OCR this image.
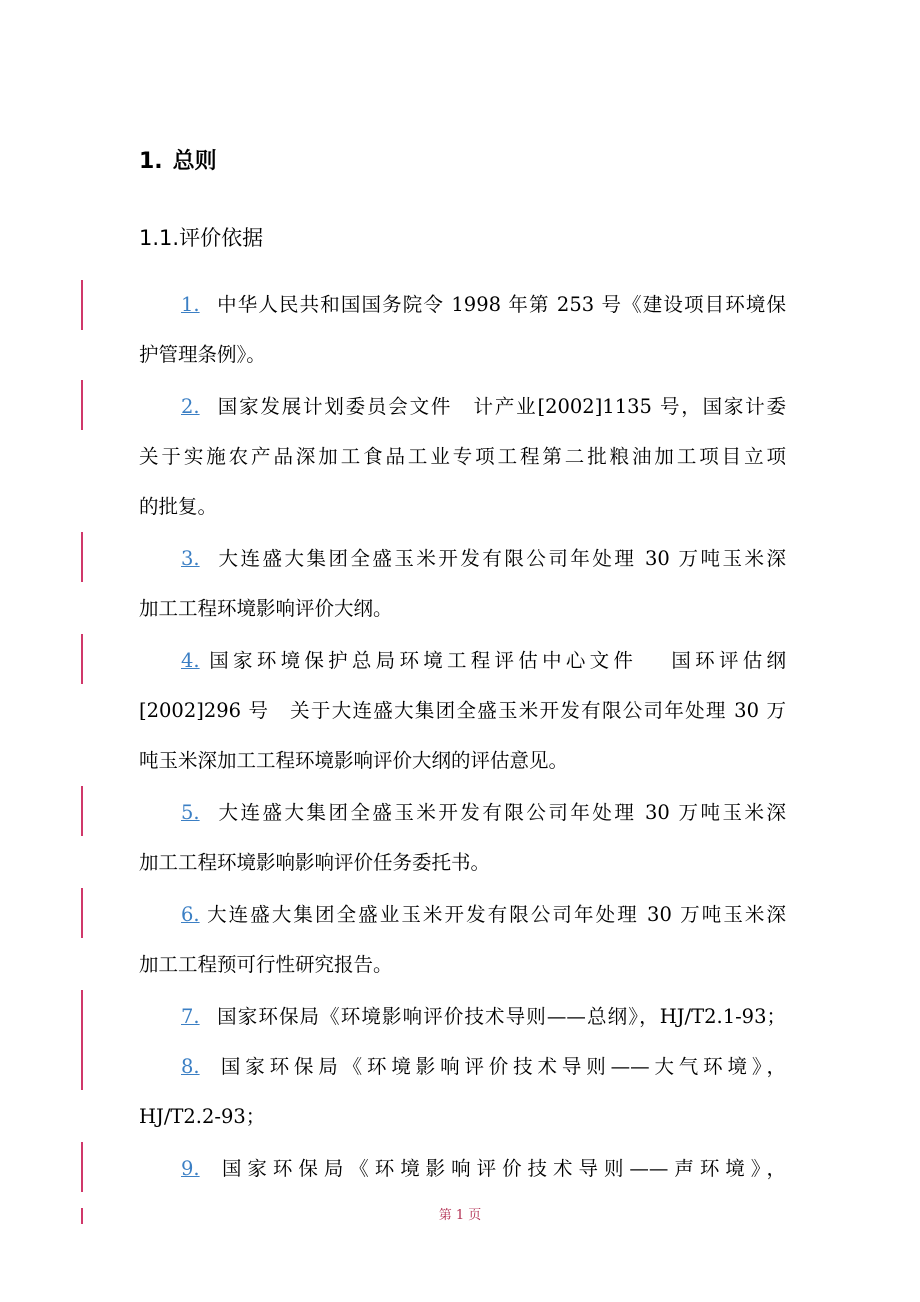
1. 总则
1.1.评价依据
1. 中华人民共和国国务院令 1998 年第 253 号《建设项目环境保
护管理条例》。
2. 国家发展计划委员会文件　计产业[2002]1135 号，国家计委
关于实施农产品深加工食品工业专项工程第二批粮油加工项目立项
的批复。
3. 大连盛大集团全盛玉米开发有限公司年处理 30 万吨玉米深
加工工程环境影响评价大纲。
4. 国家环境保护总局环境工程评估中心文件　 国环评估纲
[2002]296 号　关于大连盛大集团全盛玉米开发有限公司年处理 30 万
吨玉米深加工工程环境影响评价大纲的评估意见。
5. 大连盛大集团全盛玉米开发有限公司年处理 30 万吨玉米深
加工工程环境影响影响评价任务委托书。
6. 大连盛大集团全盛业玉米开发有限公司年处理 30 万吨玉米深
加工工程预可行性研究报告。
7. 国家环保局《环境影响评价技术导则——总纲》，HJ/T2.1-93；
8. 国家环保局《环境影响评价技术导则——大气环境》，
HJ/T2.2-93；
9. 国家环保局《环境影响评价技术导则——声环境》，
第 1 页
